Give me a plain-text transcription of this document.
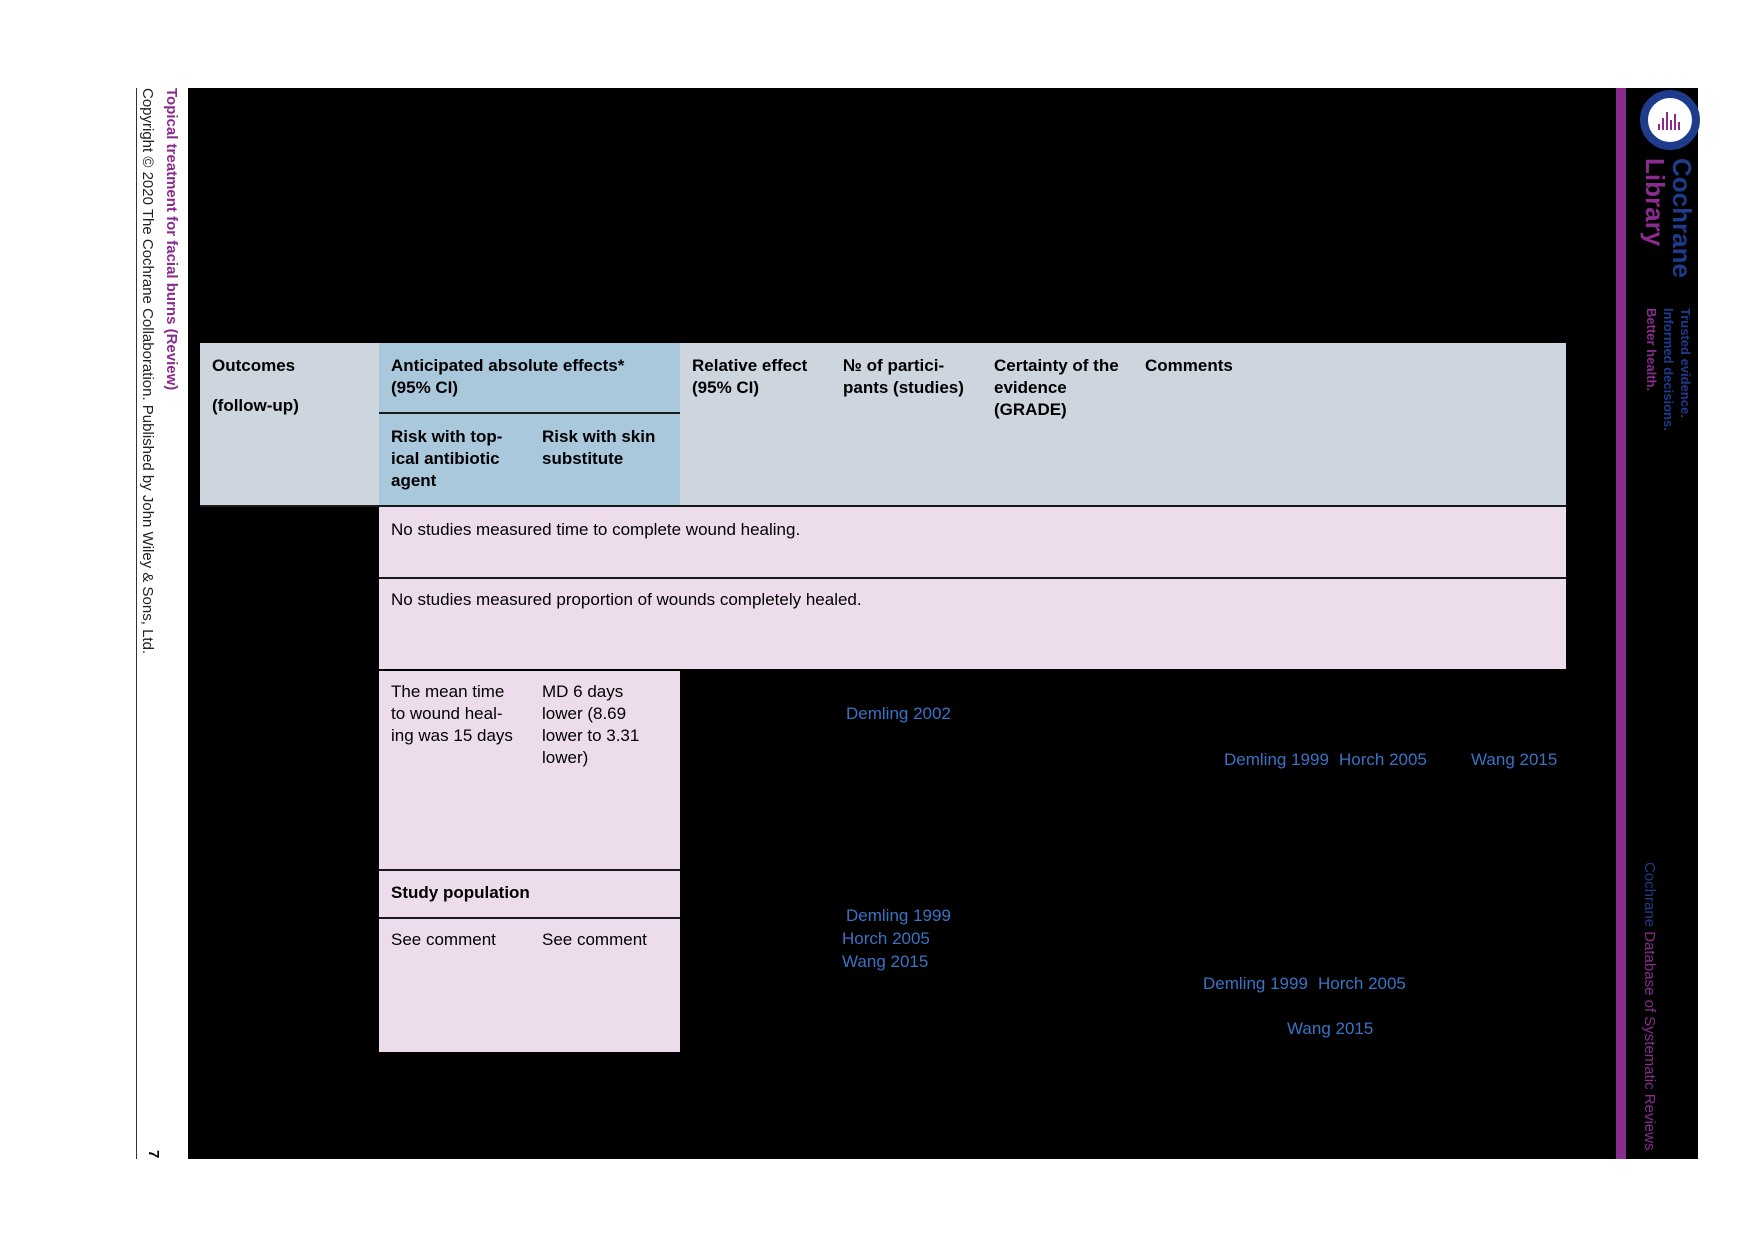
Topical treatment for facial burns (Review)
Copyright © 2020 The Cochrane Collaboration. Published by John Wiley & Sons, Ltd.
7
Cochrane
Library
Trusted evidence.
Informed decisions.
Better health.
Cochrane Database of Systematic Reviews
Outcomes
(follow-up)
Anticipated absolute effects* (95% CI)
Risk with top-ical antibiotic agent
Risk with skin substitute
Relative effect (95% CI)
№ of partici-pants (studies)
Certainty of the evidence (GRADE)
Comments
No studies measured time to complete wound healing.
No studies measured proportion of wounds completely healed.
The mean time to wound heal-ing was 15 days
MD 6 days lower (8.69 lower to 3.31 lower)
Study population
See comment	See comment
Demling 2002
Demling 1999 Horch 2005	Wang 2015
Demling 1999
Horch 2005
Wang 2015
Demling 1999 Horch 2005
Wang 2015
